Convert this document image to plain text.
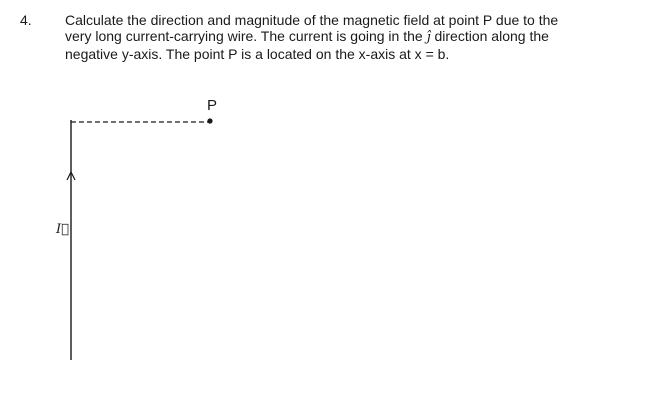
4. Calculate the direction and magnitude of the magnetic field at point P due to the
very long current-carrying wire. The current is going in the ĵ direction along the
negative y-axis. The point P is a located on the x-axis at x = b.
P
I⃗
